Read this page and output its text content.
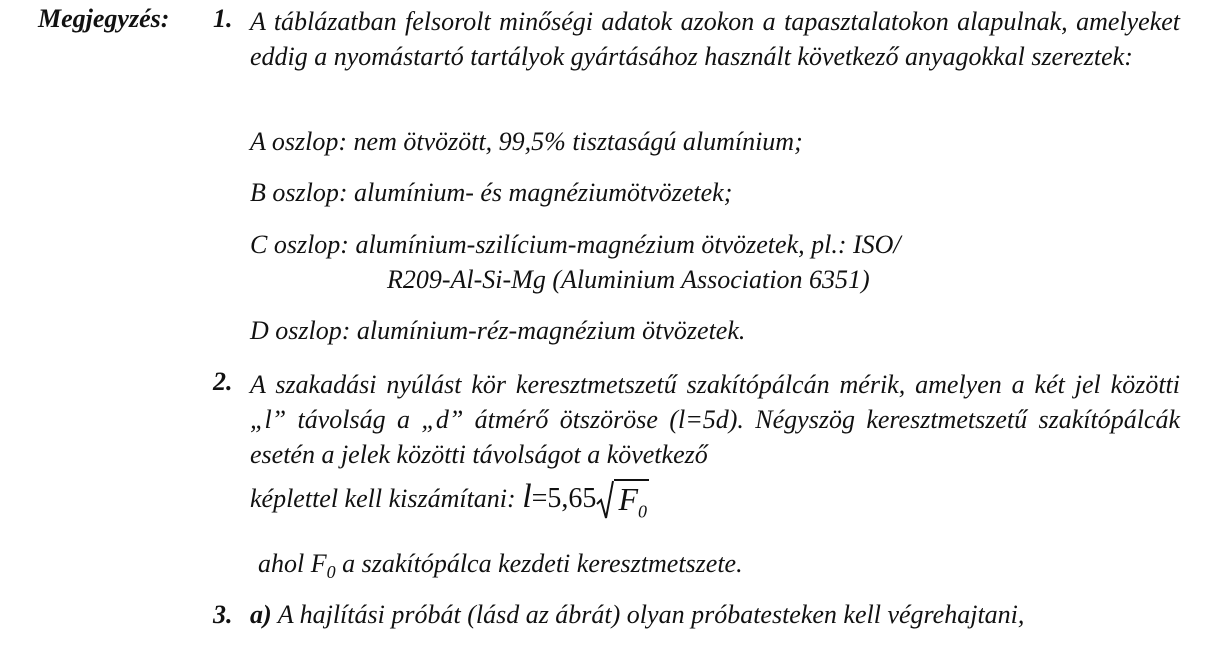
Megjegyzés: 1. A táblázatban felsorolt minőségi adatok azokon a tapasztalatokon alapulnak, amelyeket eddig a nyomástartó tartályok gyártásához használt következő anyagokkal szereztek:
A oszlop: nem ötvözött, 99,5% tisztaságú alumínium;
B oszlop: alumínium- és magnéziumötvözetek;
C oszlop: alumínium-szilícium-magnézium ötvözetek, pl.: ISO/
R209-Al-Si-Mg (Aluminium Association 6351)
D oszlop: alumínium-réz-magnézium ötvözetek.
2. A szakadási nyúlást kör keresztmetszetű szakítópálcán mérik, amelyen a két jel közötti „l” távolság a „d” átmérő ötszöröse (l=5d). Négyszög keresztmetszetű szakítópálcák esetén a jelek közötti távolságot a következő
képlettel kell kiszámítani: l=5,65 $F_0$
ahol $F_0$ a szakítópálca kezdeti keresztmetszete.
3. a) A hajlítási próbát (lásd az ábrát) olyan próbatesteken kell végrehajtani,
